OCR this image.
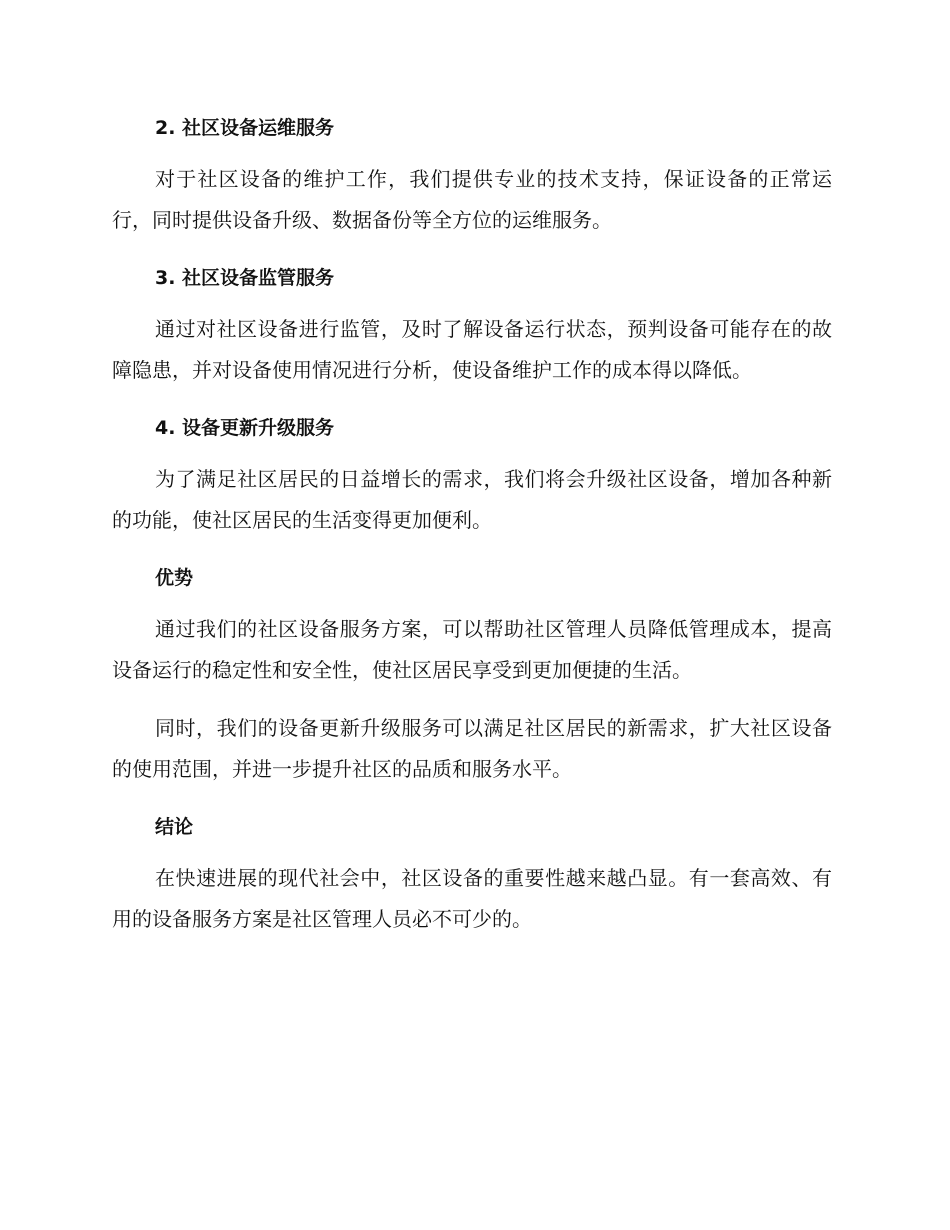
2. 社区设备运维服务

对于社区设备的维护工作，我们提供专业的技术支持，保证设备的正常运行，同时提供设备升级、数据备份等全方位的运维服务。

3. 社区设备监管服务

通过对社区设备进行监管，及时了解设备运行状态，预判设备可能存在的故障隐患，并对设备使用情况进行分析，使设备维护工作的成本得以降低。

4. 设备更新升级服务

为了满足社区居民的日益增长的需求，我们将会升级社区设备，增加各种新的功能，使社区居民的生活变得更加便利。

优势

通过我们的社区设备服务方案，可以帮助社区管理人员降低管理成本，提高设备运行的稳定性和安全性，使社区居民享受到更加便捷的生活。

同时，我们的设备更新升级服务可以满足社区居民的新需求，扩大社区设备的使用范围，并进一步提升社区的品质和服务水平。

结论

在快速进展的现代社会中，社区设备的重要性越来越凸显。有一套高效、有用的设备服务方案是社区管理人员必不可少的。
